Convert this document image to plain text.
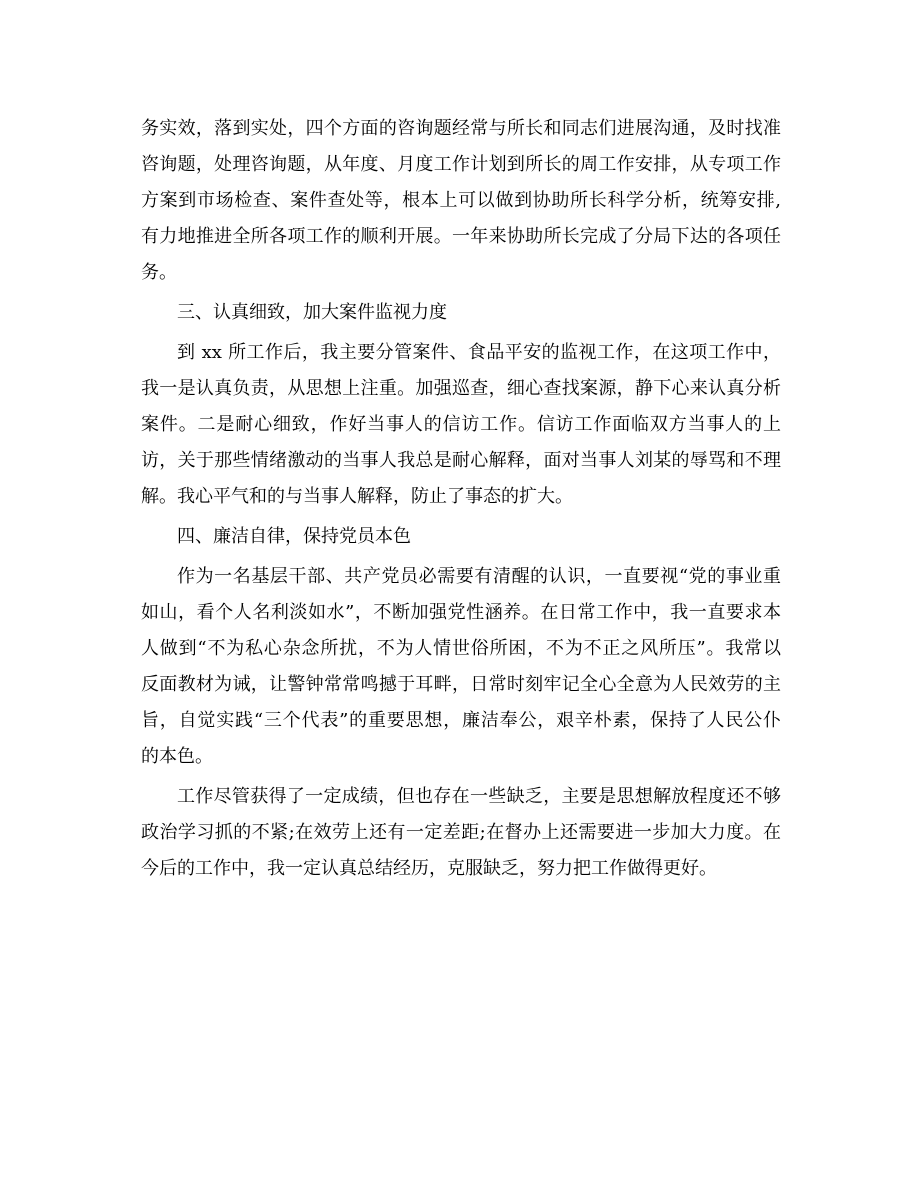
务实效，落到实处，四个方面的咨询题经常与所长和同志们进展沟通，及时找准
咨询题，处理咨询题，从年度、月度工作计划到所长的周工作安排，从专项工作
方案到市场检查、案件查处等，根本上可以做到协助所长科学分析，统筹安排,
有力地推进全所各项工作的顺利开展。一年来协助所长完成了分局下达的各项任
务。
三、认真细致，加大案件监视力度
到 xx 所工作后，我主要分管案件、食品平安的监视工作，在这项工作中，
我一是认真负责，从思想上注重。加强巡查，细心查找案源，静下心来认真分析
案件。二是耐心细致，作好当事人的信访工作。信访工作面临双方当事人的上
访，关于那些情绪激动的当事人我总是耐心解释，面对当事人刘某的辱骂和不理
解。我心平气和的与当事人解释，防止了事态的扩大。
四、廉洁自律，保持党员本色
作为一名基层干部、共产党员必需要有清醒的认识，一直要视“党的事业重
如山，看个人名利淡如水”，不断加强党性涵养。在日常工作中，我一直要求本
人做到“不为私心杂念所扰，不为人情世俗所困，不为不正之风所压”。我常以
反面教材为诫，让警钟常常鸣撼于耳畔，日常时刻牢记全心全意为人民效劳的主
旨，自觉实践“三个代表”的重要思想，廉洁奉公，艰辛朴素，保持了人民公仆
的本色。
工作尽管获得了一定成绩，但也存在一些缺乏，主要是思想解放程度还不够
政治学习抓的不紧;在效劳上还有一定差距;在督办上还需要进一步加大力度。在
今后的工作中，我一定认真总结经历，克服缺乏，努力把工作做得更好。
